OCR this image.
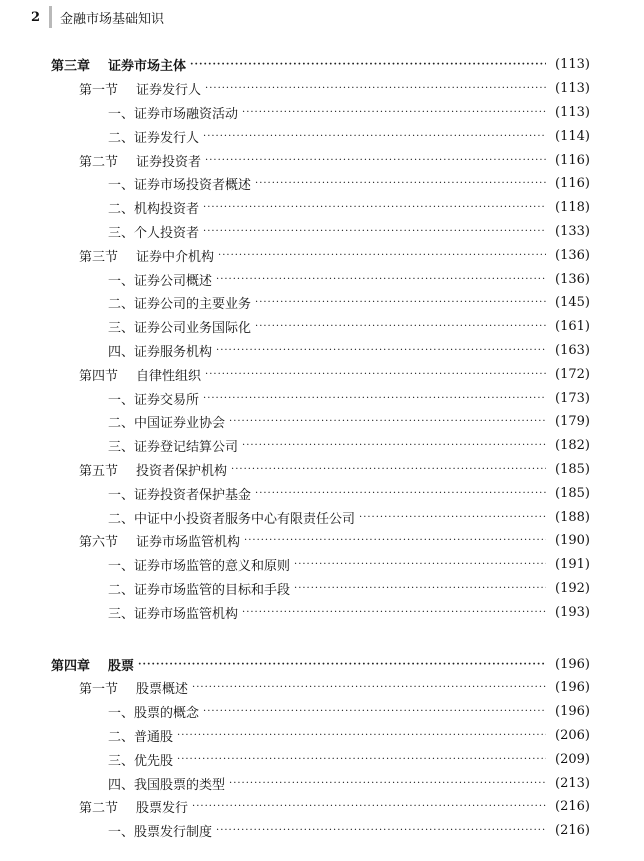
2 金融市场基础知识
第三章 证券市场主体 ·····	(113)
第一节 证券发行人 ·····	(113)
一、证券市场融资活动 ·····	(113)
二、证券发行人 ·····	(114)
第二节 证券投资者 ·····	(116)
一、证券市场投资者概述 ·····	(116)
二、机构投资者 ·····	(118)
三、个人投资者 ·····	(133)
第三节 证券中介机构 ·····	(136)
一、证券公司概述 ·····	(136)
二、证券公司的主要业务 ·····	(145)
三、证券公司业务国际化 ·····	(161)
四、证券服务机构 ·····	(163)
第四节 自律性组织 ·····	(172)
一、证券交易所 ·····	(173)
二、中国证券业协会 ·····	(179)
三、证券登记结算公司 ·····	(182)
第五节 投资者保护机构 ·····	(185)
一、证券投资者保护基金 ·····	(185)
二、中证中小投资者服务中心有限责任公司 ·····	(188)
第六节 证券市场监管机构 ·····	(190)
一、证券市场监管的意义和原则 ·····	(191)
二、证券市场监管的目标和手段 ·····	(192)
三、证券市场监管机构 ·····	(193)
第四章 股票 ·····	(196)
第一节 股票概述 ·····	(196)
一、股票的概念 ·····	(196)
二、普通股 ·····	(206)
三、优先股 ·····	(209)
四、我国股票的类型 ·····	(213)
第二节 股票发行 ·····	(216)
一、股票发行制度 ·····	(216)
